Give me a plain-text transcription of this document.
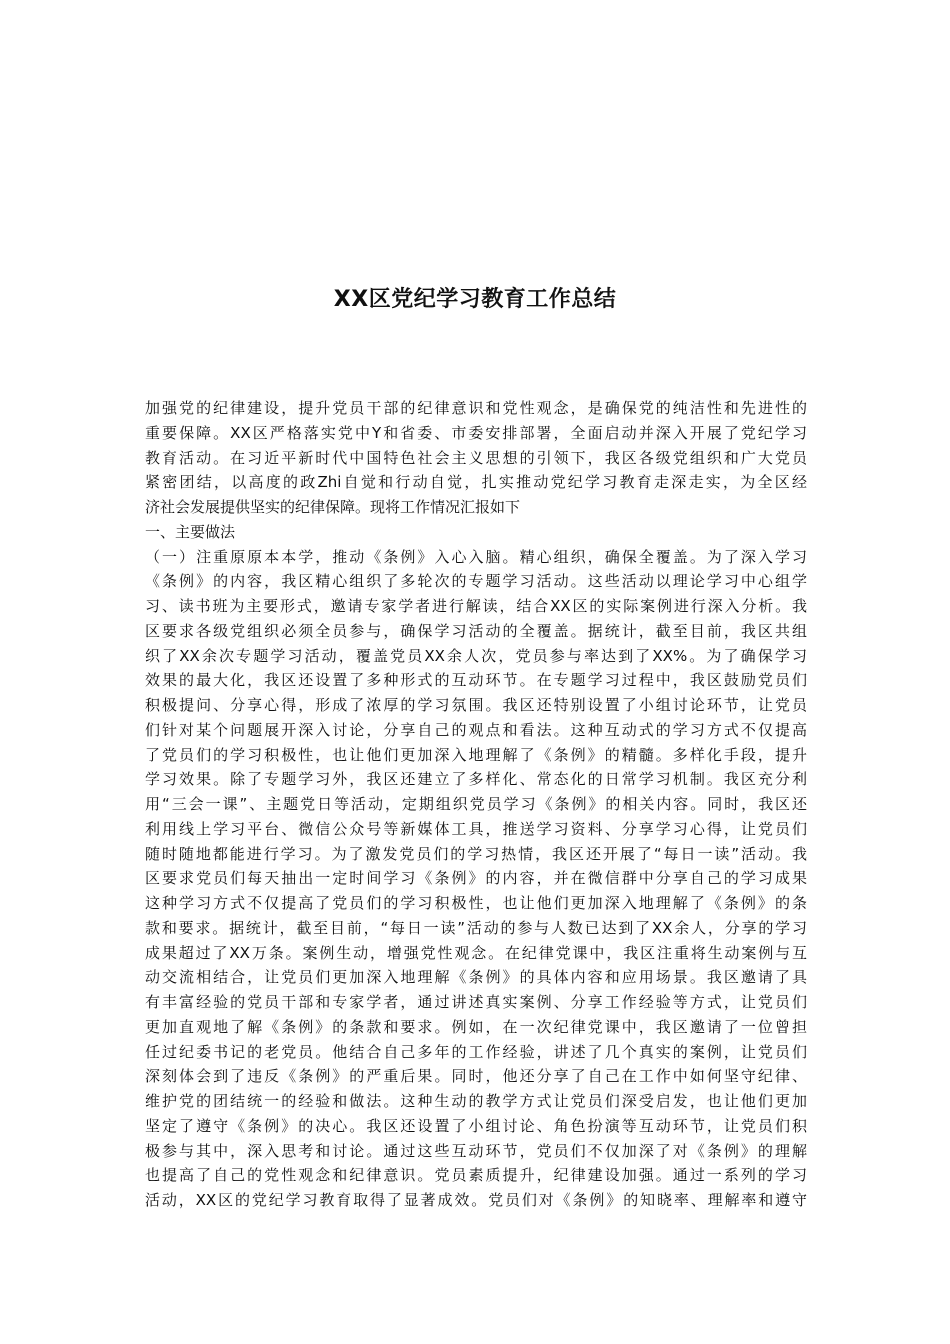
XX区党纪学习教育工作总结
加强党的纪律建设，提升党员干部的纪律意识和党性观念，是确保党的纯洁性和先进性的
重要保障。XX区严格落实党中Y和省委、市委安排部署，全面启动并深入开展了党纪学习
教育活动。在习近平新时代中国特色社会主义思想的引领下，我区各级党组织和广大党员
紧密团结，以高度的政Zhi自觉和行动自觉，扎实推动党纪学习教育走深走实，为全区经
济社会发展提供坚实的纪律保障。现将工作情况汇报如下
一、主要做法
（一）注重原原本本学，推动《条例》入心入脑。精心组织，确保全覆盖。为了深入学习
《条例》的内容，我区精心组织了多轮次的专题学习活动。这些活动以理论学习中心组学
习、读书班为主要形式，邀请专家学者进行解读，结合XX区的实际案例进行深入分析。我
区要求各级党组织必须全员参与，确保学习活动的全覆盖。据统计，截至目前，我区共组
织了XX余次专题学习活动，覆盖党员XX余人次，党员参与率达到了XX%。为了确保学习
效果的最大化，我区还设置了多种形式的互动环节。在专题学习过程中，我区鼓励党员们
积极提问、分享心得，形成了浓厚的学习氛围。我区还特别设置了小组讨论环节，让党员
们针对某个问题展开深入讨论，分享自己的观点和看法。这种互动式的学习方式不仅提高
了党员们的学习积极性，也让他们更加深入地理解了《条例》的精髓。多样化手段，提升
学习效果。除了专题学习外，我区还建立了多样化、常态化的日常学习机制。我区充分利
用“三会一课”、主题党日等活动，定期组织党员学习《条例》的相关内容。同时，我区还
利用线上学习平台、微信公众号等新媒体工具，推送学习资料、分享学习心得，让党员们
随时随地都能进行学习。为了激发党员们的学习热情，我区还开展了“每日一读”活动。我
区要求党员们每天抽出一定时间学习《条例》的内容，并在微信群中分享自己的学习成果
这种学习方式不仅提高了党员们的学习积极性，也让他们更加深入地理解了《条例》的条
款和要求。据统计，截至目前，“每日一读”活动的参与人数已达到了XX余人，分享的学习
成果超过了XX万条。案例生动，增强党性观念。在纪律党课中，我区注重将生动案例与互
动交流相结合，让党员们更加深入地理解《条例》的具体内容和应用场景。我区邀请了具
有丰富经验的党员干部和专家学者，通过讲述真实案例、分享工作经验等方式，让党员们
更加直观地了解《条例》的条款和要求。例如，在一次纪律党课中，我区邀请了一位曾担
任过纪委书记的老党员。他结合自己多年的工作经验，讲述了几个真实的案例，让党员们
深刻体会到了违反《条例》的严重后果。同时，他还分享了自己在工作中如何坚守纪律、
维护党的团结统一的经验和做法。这种生动的教学方式让党员们深受启发，也让他们更加
坚定了遵守《条例》的决心。我区还设置了小组讨论、角色扮演等互动环节，让党员们积
极参与其中，深入思考和讨论。通过这些互动环节，党员们不仅加深了对《条例》的理解
也提高了自己的党性观念和纪律意识。党员素质提升，纪律建设加强。通过一系列的学习
活动，XX区的党纪学习教育取得了显著成效。党员们对《条例》的知晓率、理解率和遵守
